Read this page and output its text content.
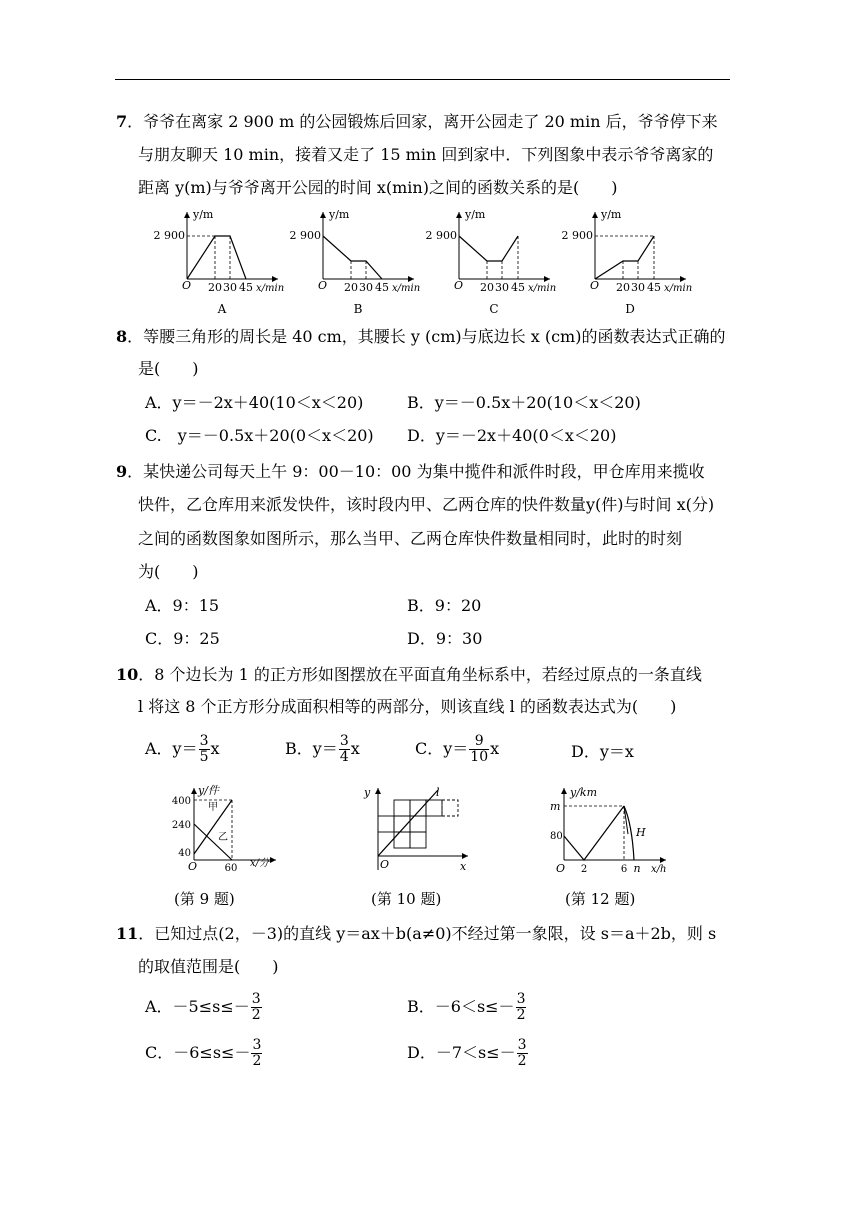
7．爷爷在离家 2 900 m 的公园锻炼后回家，离开公园走了 20 min 后，爷爷停下来
与朋友聊天 10 min，接着又走了 15 min 回到家中．下列图象中表示爷爷离家的
距离 y(m)与爷爷离开公园的时间 x(min)之间的函数关系的是(　　)
y/m
2 900
O 20 30 45 x/min
A
y/m
2 900
O 20 30 45 x/min
B
y/m
2 900
O 20 30 45 x/min
C
y/m
2 900
O 20 30 45 x/min
D
8．等腰三角形的周长是 40 cm，其腰长 y (cm)与底边长 x (cm)的函数表达式正确的
是(　　)
A．y＝－2x＋40(10＜x＜20)	B．y＝－0.5x＋20(10＜x＜20)
C.　y＝－0.5x＋20(0＜x＜20) D．y＝－2x＋40(0＜x＜20)
9．某快递公司每天上午 9：00－10：00 为集中揽件和派件时段，甲仓库用来揽收
快件，乙仓库用来派发快件，该时段内甲、乙两仓库的快件数量y(件)与时间 x(分)
之间的函数图象如图所示，那么当甲、乙两仓库快件数量相同时，此时的时刻
为(　　)
A．9：15	B．9：20
C．9：25	D．9：30
10．8 个边长为 1 的正方形如图摆放在平面直角坐标系中，若经过原点的一条直线
l 将这 8 个正方形分成面积相等的两部分，则该直线 l 的函数表达式为(　　)
A．$y= \frac{3}{5}$ x	B．$y= \frac{3}{4}$ x	C．$y= \frac{9}{10}$ x	D．y＝x
y/件
400
240
40
O	60 x/分
甲
乙
(第 9 题)
y
O	x
l
(第 10 题)
y/km
m
80
O 2	6 n x/h
H
(第 12 题)
11．已知过点(2，－3)的直线 y＝ax＋b(a≠0)不经过第一象限，设 s＝a＋2b，则 s
的取值范围是(　　)
A．$-5\le s\le- \frac{3}{2}$	B．$-6<s\le- \frac{3}{2}$
C．$-6\le s\le- \frac{3}{2}$	D．$-7<s\le- \frac{3}{2}$
